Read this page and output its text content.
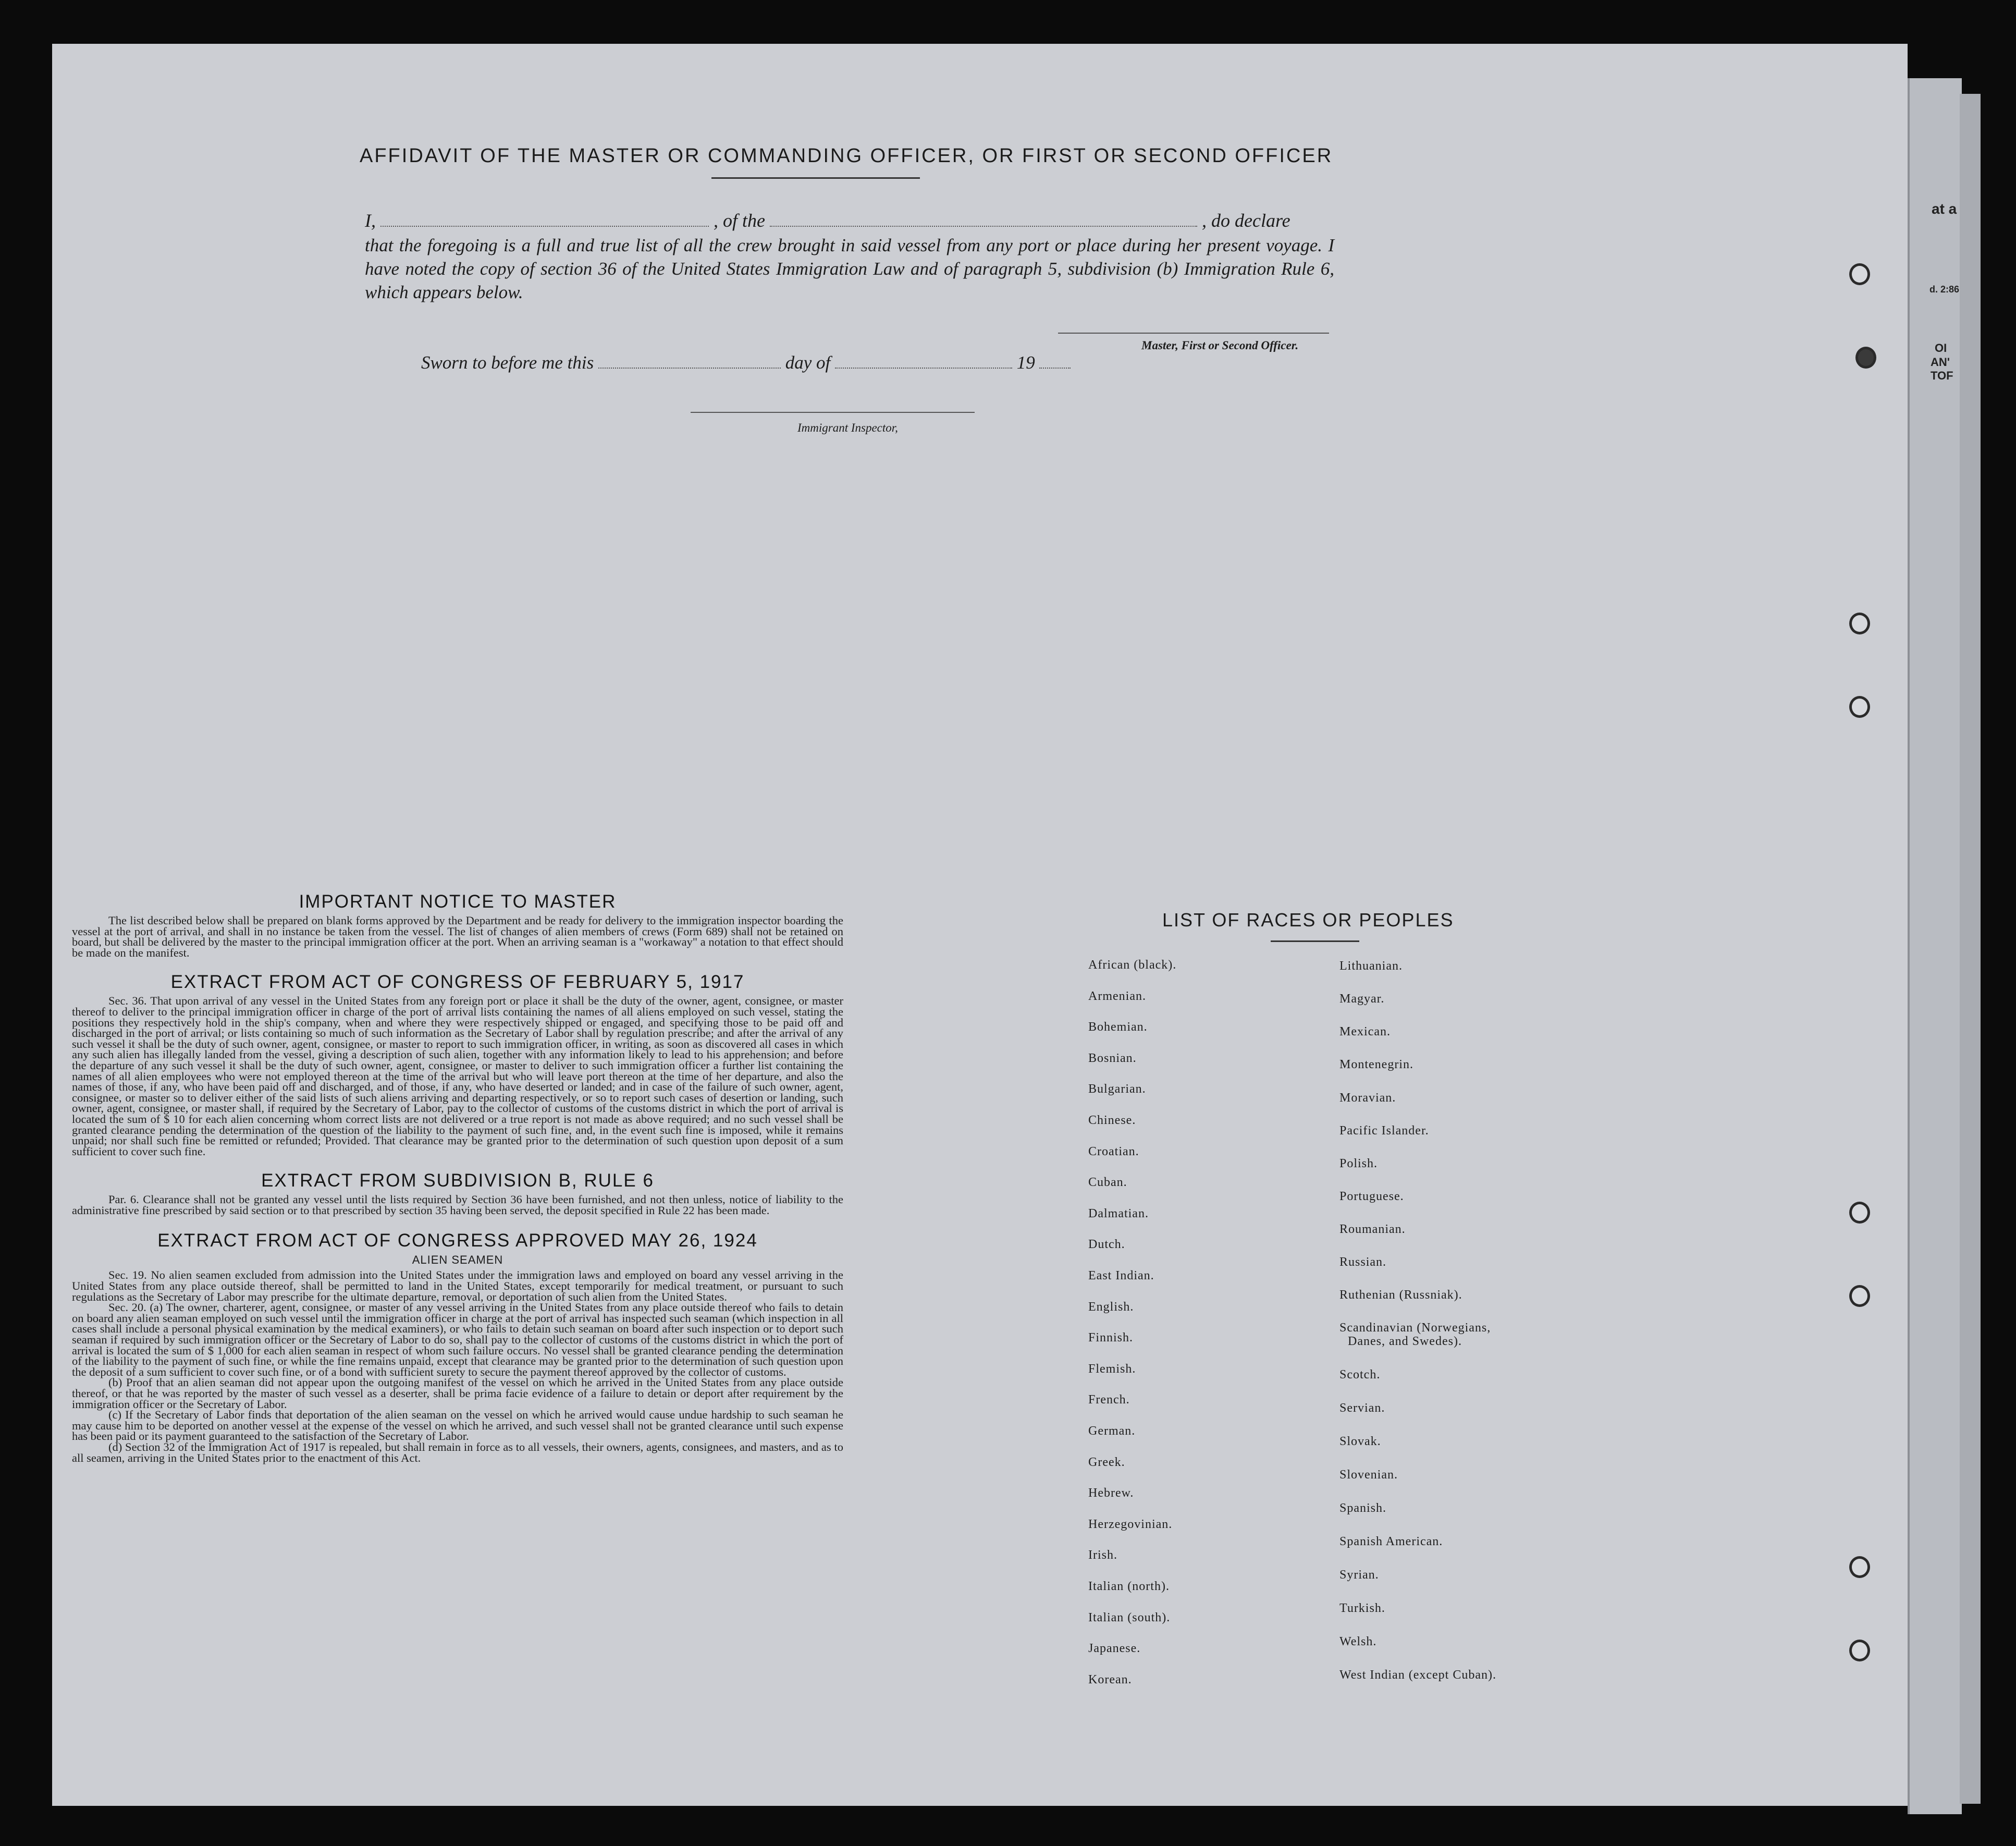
at a
d. 2:86
OI
AN'
TOF
AFFIDAVIT OF THE MASTER OR COMMANDING OFFICER, OR FIRST OR SECOND OFFICER
I,	, of the	, do declare
that the foregoing is a full and true list of all the crew brought in said vessel from any port or place during her present voyage. I have noted the copy of section 36 of the United States Immigration Law and of paragraph 5, subdivision (b) Immigration Rule 6, which appears below.
Master, First or Second Officer.
Sworn to before me this	day of	19
Immigrant Inspector,

IMPORTANT NOTICE TO MASTER

The list described below shall be prepared on blank forms approved by the Department and be ready for delivery to the immigration inspector boarding the vessel at the port of arrival, and shall in no instance be taken from the vessel. The list of changes of alien members of crews (Form 689) shall not be retained on board, but shall be delivered by the master to the principal immigration officer at the port. When an arriving seaman is a "workaway" a notation to that effect should be made on the manifest.

EXTRACT FROM ACT OF CONGRESS OF FEBRUARY 5, 1917

Sec. 36. That upon arrival of any vessel in the United States from any foreign port or place it shall be the duty of the owner, agent, consignee, or master thereof to deliver to the principal immigration officer in charge of the port of arrival lists containing the names of all aliens employed on such vessel, stating the positions they respectively hold in the ship's company, when and where they were respectively shipped or engaged, and specifying those to be paid off and discharged in the port of arrival; or lists containing so much of such information as the Secretary of Labor shall by regulation prescribe; and after the arrival of any such vessel it shall be the duty of such owner, agent, consignee, or master to report to such immigration officer, in writing, as soon as discovered all cases in which any such alien has illegally landed from the vessel, giving a description of such alien, together with any information likely to lead to his apprehension; and before the departure of any such vessel it shall be the duty of such owner, agent, consignee, or master to deliver to such immigration officer a further list containing the names of all alien employees who were not employed thereon at the time of the arrival but who will leave port thereon at the time of her departure, and also the names of those, if any, who have been paid off and discharged, and of those, if any, who have deserted or landed; and in case of the failure of such owner, agent, consignee, or master so to deliver either of the said lists of such aliens arriving and departing respectively, or so to report such cases of desertion or landing, such owner, agent, consignee, or master shall, if required by the Secretary of Labor, pay to the collector of customs of the customs district in which the port of arrival is located the sum of $ 10 for each alien concerning whom correct lists are not delivered or a true report is not made as above required; and no such vessel shall be granted clearance pending the determination of the question of the liability to the payment of such fine, and, in the event such fine is imposed, while it remains unpaid; nor shall such fine be remitted or refunded; Provided. That clearance may be granted prior to the determination of such question upon deposit of a sum sufficient to cover such fine.

EXTRACT FROM SUBDIVISION B, RULE 6

Par. 6. Clearance shall not be granted any vessel until the lists required by Section 36 have been furnished, and not then unless, notice of liability to the administrative fine prescribed by said section or to that prescribed by section 35 having been served, the deposit specified in Rule 22 has been made.

EXTRACT FROM ACT OF CONGRESS APPROVED MAY 26, 1924

ALIEN SEAMEN

Sec. 19. No alien seamen excluded from admission into the United States under the immigration laws and employed on board any vessel arriving in the United States from any place outside thereof, shall be permitted to land in the United States, except temporarily for medical treatment, or pursuant to such regulations as the Secretary of Labor may prescribe for the ultimate departure, removal, or deportation of such alien from the United States.

Sec. 20. (a) The owner, charterer, agent, consignee, or master of any vessel arriving in the United States from any place outside thereof who fails to detain on board any alien seaman employed on such vessel until the immigration officer in charge at the port of arrival has inspected such seaman (which inspection in all cases shall include a personal physical examination by the medical examiners), or who fails to detain such seaman on board after such inspection or to deport such seaman if required by such immigration officer or the Secretary of Labor to do so, shall pay to the collector of customs of the customs district in which the port of arrival is located the sum of $ 1,000 for each alien seaman in respect of whom such failure occurs. No vessel shall be granted clearance pending the determination of the liability to the payment of such fine, or while the fine remains unpaid, except that clearance may be granted prior to the determination of such question upon the deposit of a sum sufficient to cover such fine, or of a bond with sufficient surety to secure the payment thereof approved by the collector of customs.

(b) Proof that an alien seaman did not appear upon the outgoing manifest of the vessel on which he arrived in the United States from any place outside thereof, or that he was reported by the master of such vessel as a deserter, shall be prima facie evidence of a failure to detain or deport after requirement by the immigration officer or the Secretary of Labor.

(c) If the Secretary of Labor finds that deportation of the alien seaman on the vessel on which he arrived would cause undue hardship to such seaman he may cause him to be deported on another vessel at the expense of the vessel on which he arrived, and such vessel shall not be granted clearance until such expense has been paid or its payment guaranteed to the satisfaction of the Secretary of Labor.

(d) Section 32 of the Immigration Act of 1917 is repealed, but shall remain in force as to all vessels, their owners, agents, consignees, and masters, and as to all seamen, arriving in the United States prior to the enactment of this Act.

LIST OF RACES OR PEOPLES
African (black).
Armenian.
Bohemian.
Bosnian.
Bulgarian.
Chinese.
Croatian.
Cuban.
Dalmatian.
Dutch.
East Indian.
English.
Finnish.
Flemish.
French.
German.
Greek.
Hebrew.
Herzegovinian.
Irish.
Italian (north).
Italian (south).
Japanese.
Korean.
Lithuanian.
Magyar.
Mexican.
Montenegrin.
Moravian.
Pacific Islander.
Polish.
Portuguese.
Roumanian.
Russian.
Ruthenian (Russniak).
Scandinavian (Norwegians,
Danes, and Swedes).
Scotch.
Servian.
Slovak.
Slovenian.
Spanish.
Spanish American.
Syrian.
Turkish.
Welsh.
West Indian (except Cuban).
